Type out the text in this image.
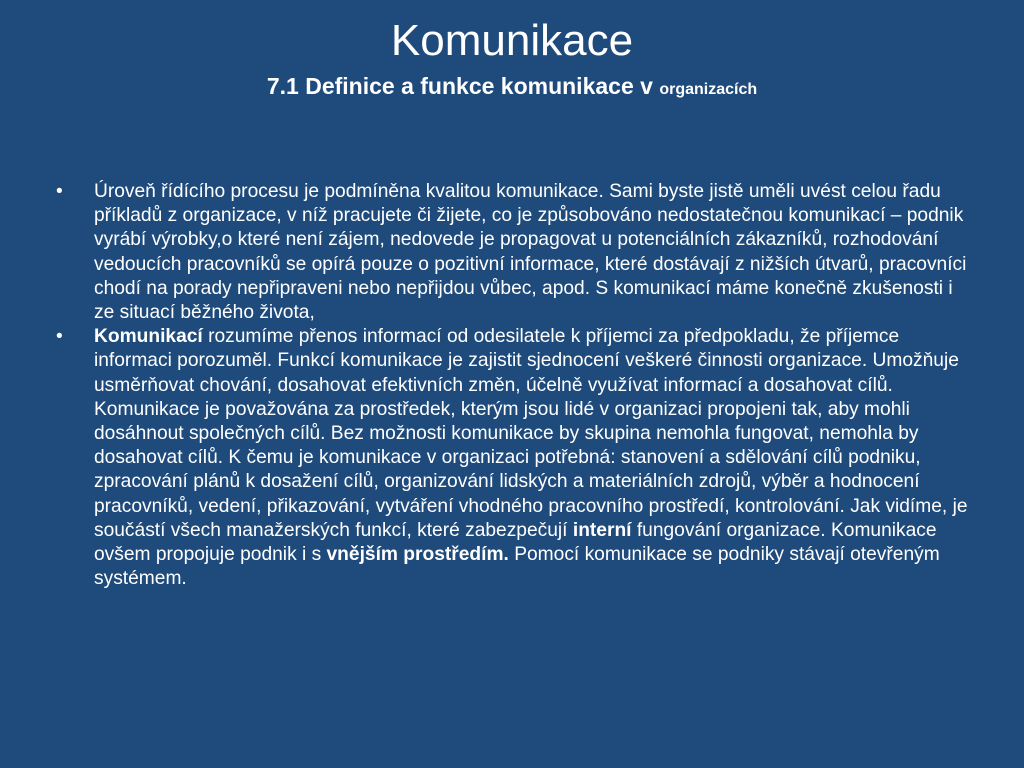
Komunikace
7.1 Definice a funkce komunikace v organizacích

•	Úroveň řídícího procesu je podmíněna kvalitou komunikace. Sami byste jistě uměli uvést celou řadu příkladů z organizace, v níž pracujete či žijete, co je způsobováno nedostatečnou komunikací – podnik vyrábí výrobky,o které není zájem, nedovede je propagovat u potenciálních zákazníků, rozhodování vedoucích pracovníků se opírá pouze o pozitivní informace, které dostávají z nižších útvarů, pracovníci chodí na porady nepřipraveni nebo nepřijdou vůbec, apod. S komunikací máme konečně zkušenosti i ze situací běžného života,

•	Komunikací rozumíme přenos informací od odesilatele k příjemci za předpokladu, že příjemce informaci porozuměl. Funkcí komunikace je zajistit sjednocení veškeré činnosti organizace. Umožňuje usměrňovat chování, dosahovat efektivních změn, účelně využívat informací a dosahovat cílů. Komunikace je považována za prostředek, kterým jsou lidé v organizaci propojeni tak, aby mohli dosáhnout společných cílů. Bez možnosti komunikace by skupina nemohla fungovat, nemohla by dosahovat cílů. K čemu je komunikace v organizaci potřebná: stanovení a sdělování cílů podniku, zpracování plánů k dosažení cílů, organizování lidských a materiálních zdrojů, výběr a hodnocení pracovníků, vedení, přikazování, vytváření vhodného pracovního prostředí, kontrolování. Jak vidíme, je součástí všech manažerských funkcí, které zabezpečují interní fungování organizace. Komunikace ovšem propojuje podnik i s vnějším prostředím. Pomocí komunikace se podniky stávají otevřeným systémem.
